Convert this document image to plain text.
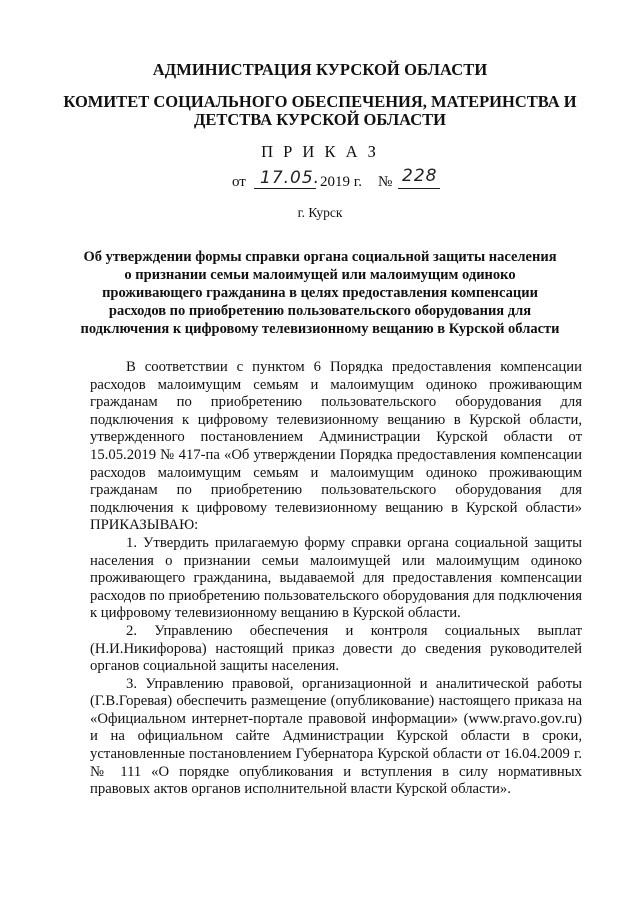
АДМИНИСТРАЦИЯ КУРСКОЙ ОБЛАСТИ
КОМИТЕТ СОЦИАЛЬНОГО ОБЕСПЕЧЕНИЯ, МАТЕРИНСТВА И ДЕТСТВА КУРСКОЙ ОБЛАСТИ
П Р И К А З
от 17.05. 2019 г. № 228
г. Курск
Об утверждении формы справки органа социальной защиты населения о признании семьи малоимущей или малоимущим одиноко проживающего гражданина в целях предоставления компенсации расходов по приобретению пользовательского оборудования для подключения к цифровому телевизионному вещанию в Курской области

В соответствии с пунктом 6 Порядка предоставления компенсации расходов малоимущим семьям и малоимущим одиноко проживающим гражданам по приобретению пользовательского оборудования для подключения к цифровому телевизионному вещанию в Курской области, утвержденного постановлением Администрации Курской области от 15.05.2019 № 417-па «Об утверждении Порядка предоставления компенсации расходов малоимущим семьям и малоимущим одиноко проживающим гражданам по приобретению пользовательского оборудования для подключения к цифровому телевизионному вещанию в Курской области» ПРИКАЗЫВАЮ:

1. Утвердить прилагаемую форму справки органа социальной защиты населения о признании семьи малоимущей или малоимущим одиноко проживающего гражданина, выдаваемой для предоставления компенсации расходов по приобретению пользовательского оборудования для подключения к цифровому телевизионному вещанию в Курской области.

2. Управлению обеспечения и контроля социальных выплат (Н.И.Никифорова) настоящий приказ довести до сведения руководителей органов социальной защиты населения.

3. Управлению правовой, организационной и аналитической работы (Г.В.Горевая) обеспечить размещение (опубликование) настоящего приказа на «Официальном интернет-портале правовой информации» (www.pravo.gov.ru) и на официальном сайте Администрации Курской области в сроки, установленные постановлением Губернатора Курской области от 16.04.2009 г. № 111 «О порядке опубликования и вступления в силу нормативных правовых актов органов исполнительной власти Курской области».
